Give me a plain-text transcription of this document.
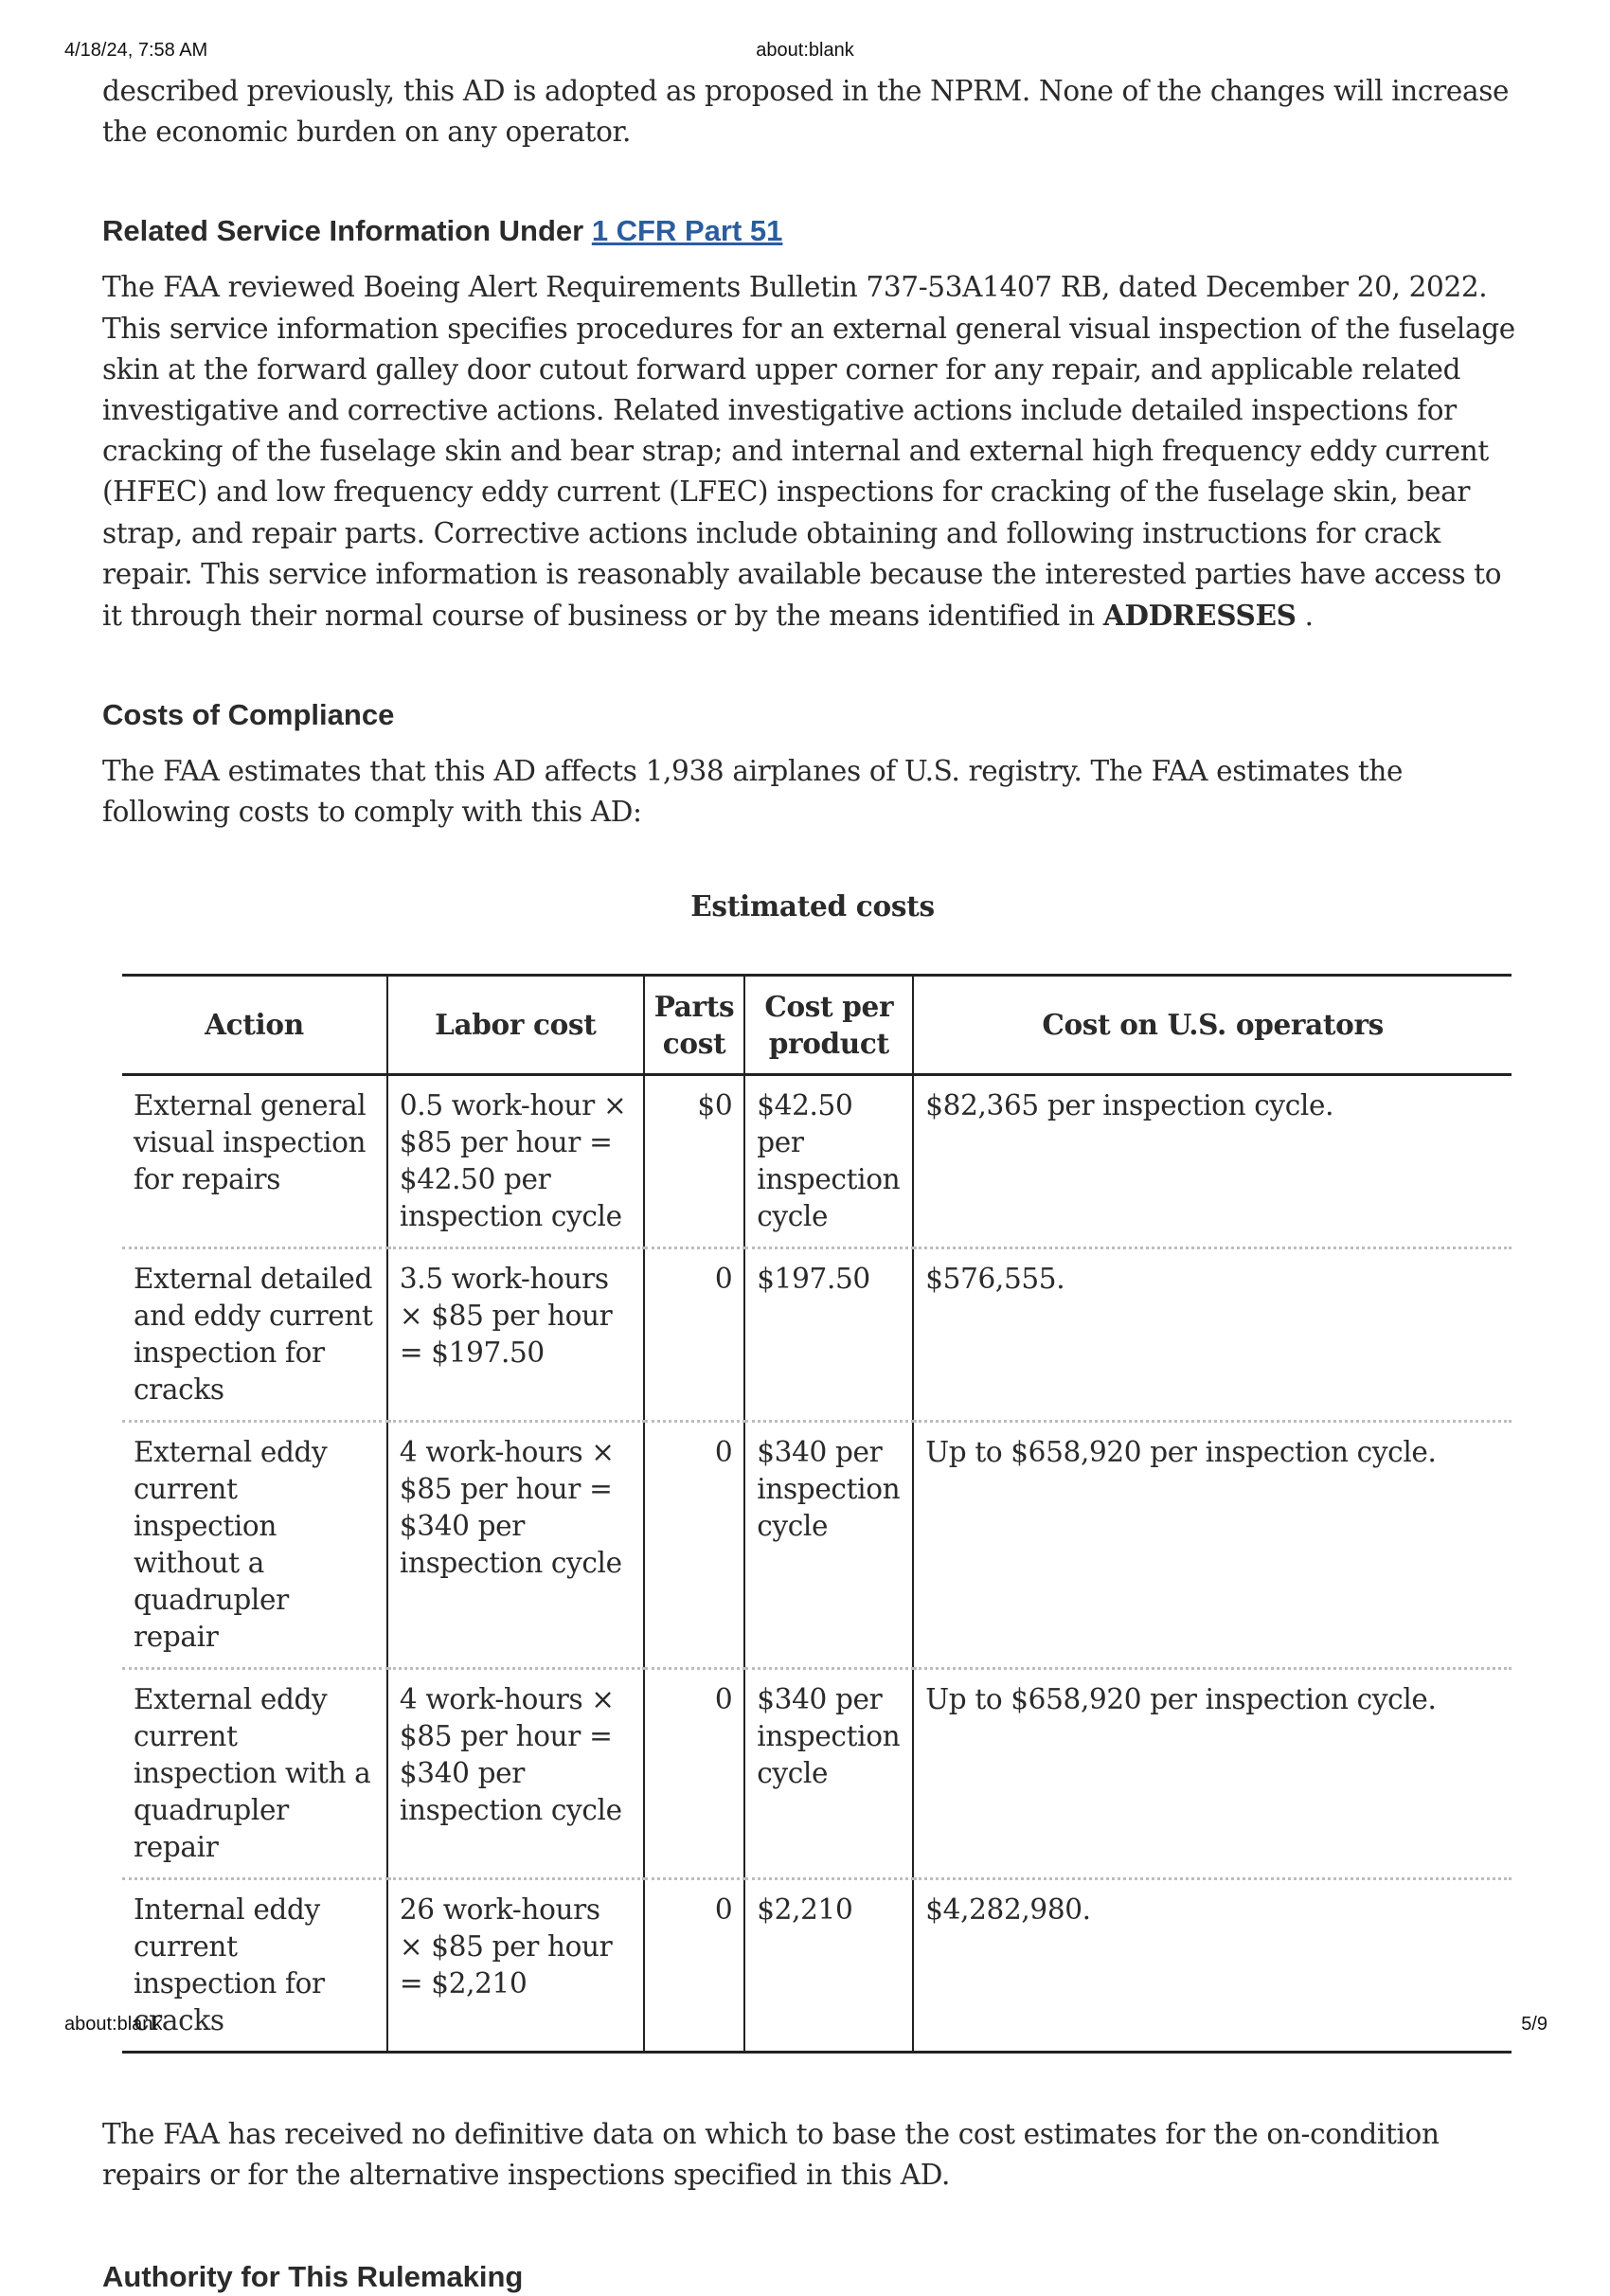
4/18/24, 7:58 AM	about:blank

described previously, this AD is adopted as proposed in the NPRM. None of the changes will increase the economic burden on any operator.

Related Service Information Under 1 CFR Part 51

The FAA reviewed Boeing Alert Requirements Bulletin 737-53A1407 RB, dated December 20, 2022. This service information specifies procedures for an external general visual inspection of the fuselage skin at the forward galley door cutout forward upper corner for any repair, and applicable related investigative and corrective actions. Related investigative actions include detailed inspections for cracking of the fuselage skin and bear strap; and internal and external high frequency eddy current (HFEC) and low frequency eddy current (LFEC) inspections for cracking of the fuselage skin, bear strap, and repair parts. Corrective actions include obtaining and following instructions for crack repair. This service information is reasonably available because the interested parties have access to it through their normal course of business or by the means identified in ADDRESSES .

Costs of Compliance

The FAA estimates that this AD affects 1,938 airplanes of U.S. registry. The FAA estimates the following costs to comply with this AD:

Estimated costs
Action	Labor cost	Parts cost	Cost per product	Cost on U.S. operators
External general visual inspection for repairs	0.5 work-hour × $85 per hour = $42.50 per inspection cycle	$0	$42.50 per inspection cycle	$82,365 per inspection cycle.
External detailed and eddy current inspection for cracks	3.5 work-hours × $85 per hour = $197.50	0	$197.50	$576,555.
External eddy current inspection without a quadrupler repair	4 work-hours × $85 per hour = $340 per inspection cycle	0	$340 per inspection cycle	Up to $658,920 per inspection cycle.
External eddy current inspection with a quadrupler repair	4 work-hours × $85 per hour = $340 per inspection cycle	0	$340 per inspection cycle	Up to $658,920 per inspection cycle.
Internal eddy current inspection for cracks	26 work-hours × $85 per hour = $2,210	0	$2,210	$4,282,980.

The FAA has received no definitive data on which to base the cost estimates for the on-condition repairs or for the alternative inspections specified in this AD.

Authority for This Rulemaking
about:blank	5/9
